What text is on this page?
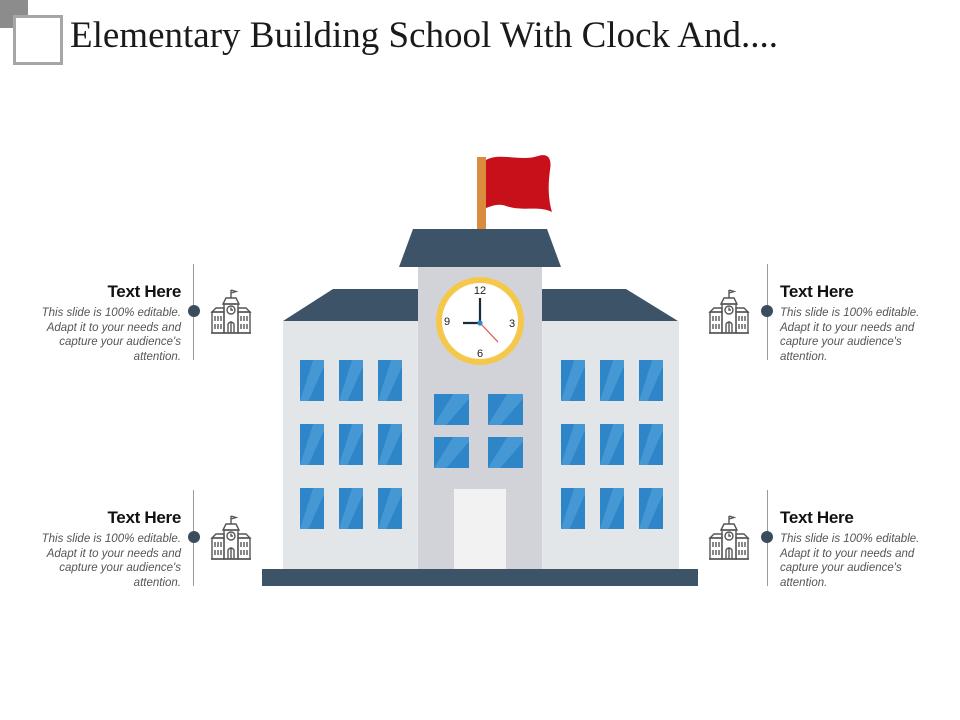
Elementary Building School With Clock And....
12
3
6
9
Text Here
This slide is 100% editable. Adapt it to your needs and capture your audience's attention.
Text Here
This slide is 100% editable. Adapt it to your needs and capture your audience's attention.
Text Here
This slide is 100% editable. Adapt it to your needs and capture your audience's attention.
Text Here
This slide is 100% editable. Adapt it to your needs and capture your audience's attention.
